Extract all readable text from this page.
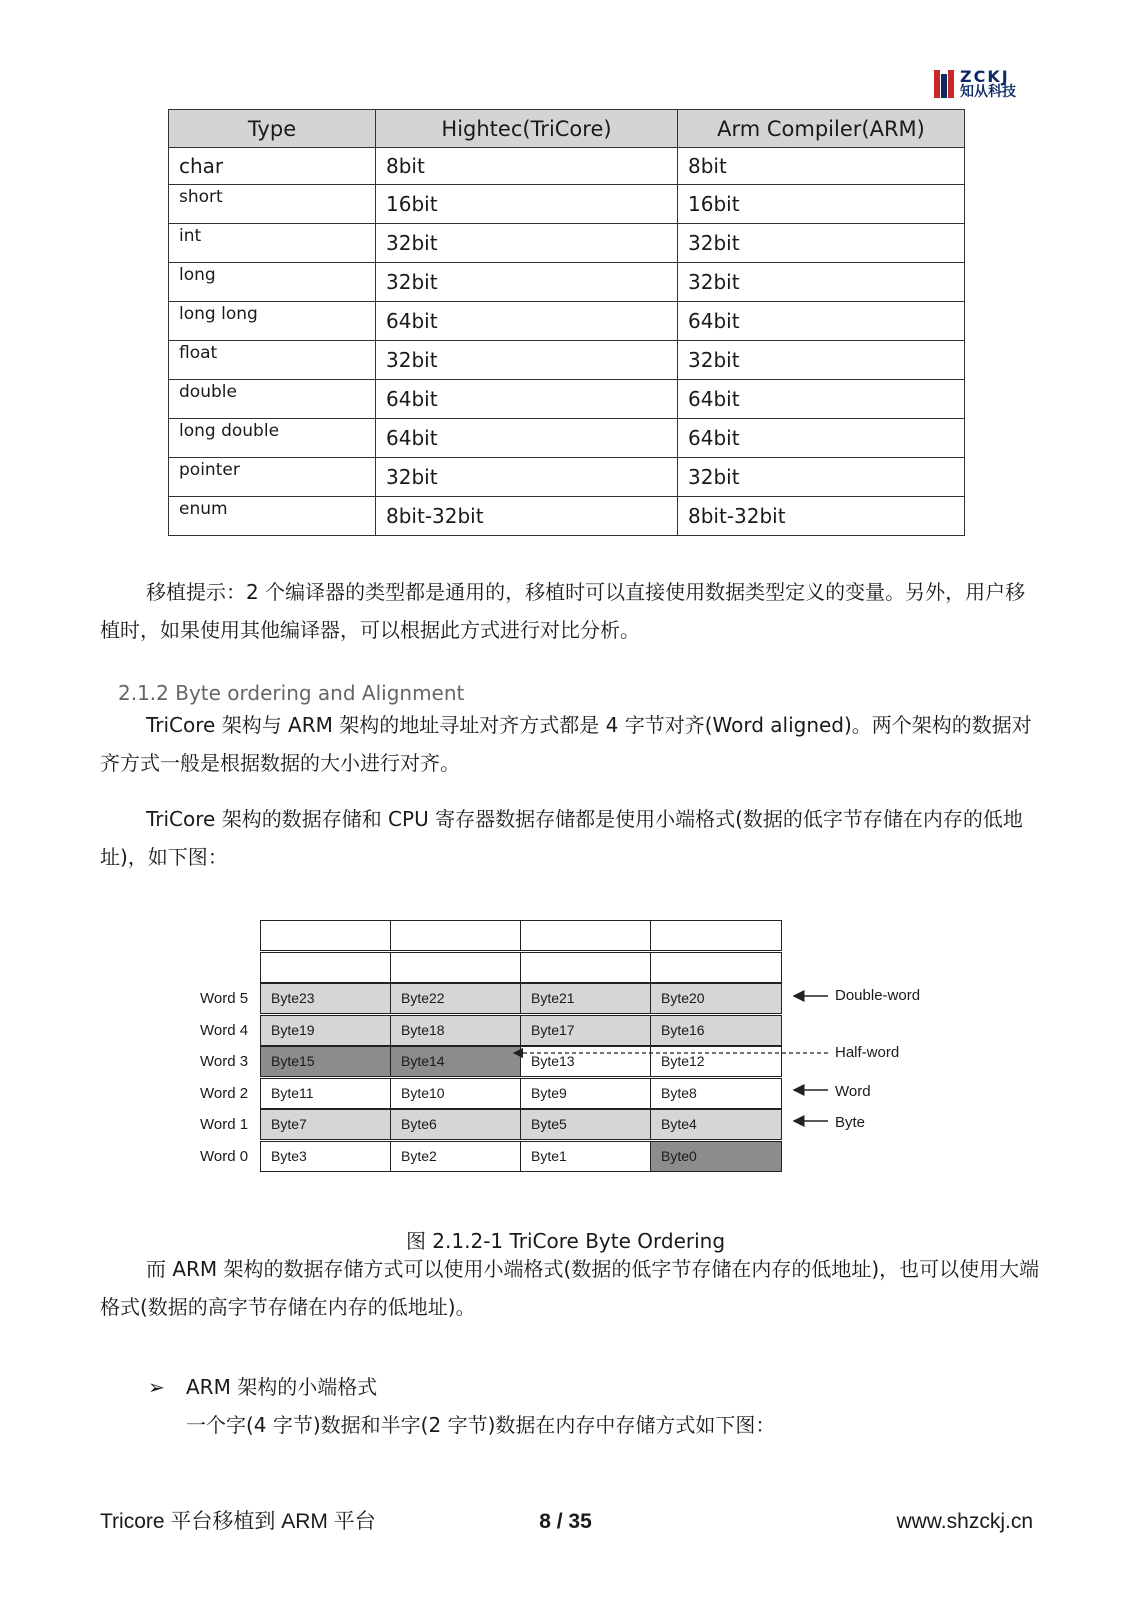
ZCKJ
知从科技
Type	Hightec(TriCore)	Arm Compiler(ARM)
char	8bit	8bit
short	16bit	16bit
int	32bit	32bit
long	32bit	32bit
long long	64bit	64bit
float	32bit	32bit
double	64bit	64bit
long double	64bit	64bit
pointer	32bit	32bit
enum	8bit-32bit	8bit-32bit

移植提示：2 个编译器的类型都是通用的，移植时可以直接使用数据类型定义的变量。另外，用户移植时，如果使用其他编译器，可以根据此方式进行对比分析。

2.1.2 Byte ordering and Alignment

TriCore 架构与 ARM 架构的地址寻址对齐方式都是 4 字节对齐(Word aligned)。两个架构的数据对齐方式一般是根据数据的大小进行对齐。

TriCore 架构的数据存储和 CPU 寄存器数据存储都是使用小端格式(数据的低字节存储在内存的低地址)，如下图：

Byte23	Byte22	Byte21	Byte20
Byte19	Byte18	Byte17	Byte16
Byte15	Byte14	Byte13	Byte12
Byte11	Byte10	Byte9	Byte8
Byte7	Byte6	Byte5	Byte4
Byte3	Byte2	Byte1	Byte0
Word 5
Word 4
Word 3
Word 2
Word 1
Word 0
Double-word
Half-word
Word
Byte

图 2.1.2-1 TriCore Byte Ordering

而 ARM 架构的数据存储方式可以使用小端格式(数据的低字节存储在内存的低地址)，也可以使用大端格式(数据的高字节存储在内存的低地址)。

➢ ARM 架构的小端格式

一个字(4 字节)数据和半字(2 字节)数据在内存中存储方式如下图：

Tricore 平台移植到 ARM 平台	8 / 35	www.shzckj.cn
